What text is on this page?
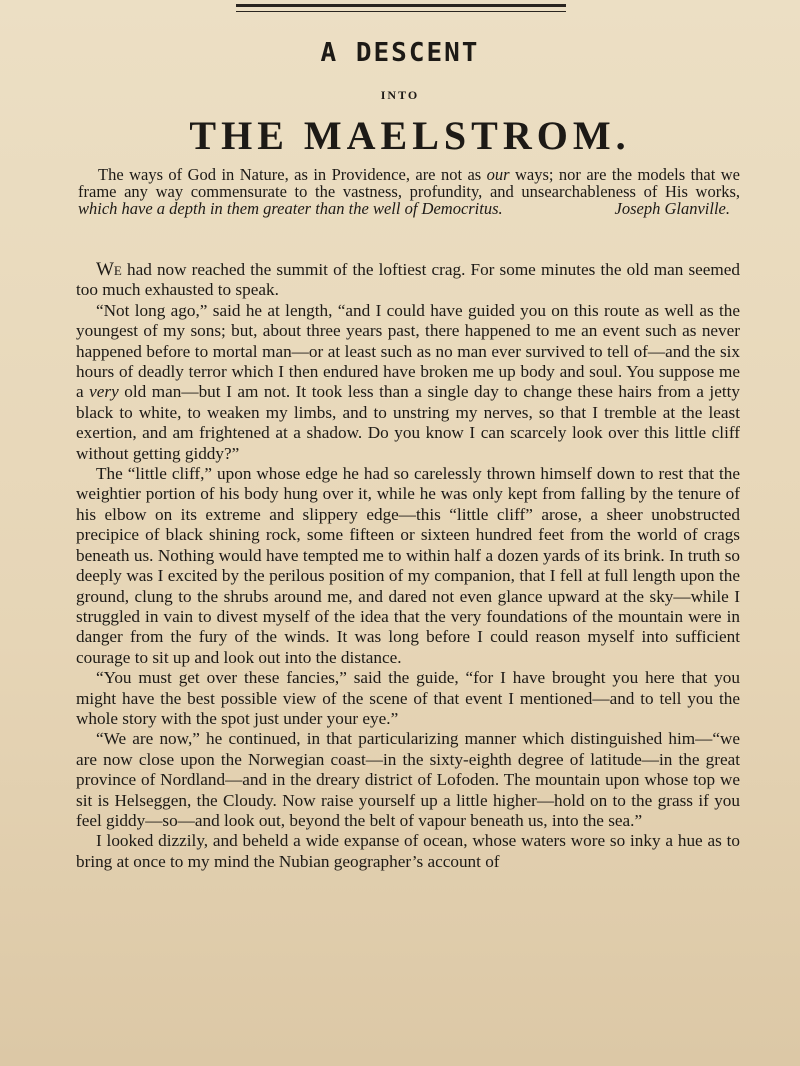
A DESCENT
INTO
THE MAELSTROM.
The ways of God in Nature, as in Providence, are not as our ways; nor are the models that we frame any way commensurate to the vastness, profundity, and unsearchableness of His works, which have a depth in them greater than the well of Democritus.	Joseph Glanville.

We had now reached the summit of the loftiest crag. For some minutes the old man seemed too much exhausted to speak.

“Not long ago,” said he at length, “and I could have guided you on this route as well as the youngest of my sons; but, about three years past, there happened to me an event such as never happened before to mortal man—or at least such as no man ever survived to tell of—and the six hours of deadly terror which I then endured have broken me up body and soul. You suppose me a very old man—but I am not. It took less than a single day to change these hairs from a jetty black to white, to weaken my limbs, and to unstring my nerves, so that I tremble at the least exertion, and am frightened at a shadow. Do you know I can scarcely look over this little cliff without getting giddy?”

The “little cliff,” upon whose edge he had so carelessly thrown himself down to rest that the weightier portion of his body hung over it, while he was only kept from falling by the tenure of his elbow on its extreme and slippery edge—this “little cliff” arose, a sheer unobstructed precipice of black shining rock, some fifteen or sixteen hundred feet from the world of crags beneath us. Nothing would have tempted me to within half a dozen yards of its brink. In truth so deeply was I excited by the perilous position of my companion, that I fell at full length upon the ground, clung to the shrubs around me, and dared not even glance upward at the sky—while I struggled in vain to divest myself of the idea that the very foundations of the mountain were in danger from the fury of the winds. It was long before I could reason myself into sufficient courage to sit up and look out into the distance.

“You must get over these fancies,” said the guide, “for I have brought you here that you might have the best possible view of the scene of that event I mentioned—and to tell you the whole story with the spot just under your eye.”

“We are now,” he continued, in that particularizing manner which distinguished him—“we are now close upon the Norwegian coast—in the sixty-eighth degree of latitude—in the great province of Nordland—and in the dreary district of Lofoden. The mountain upon whose top we sit is Helseggen, the Cloudy. Now raise yourself up a little higher—hold on to the grass if you feel giddy—so—and look out, beyond the belt of vapour beneath us, into the sea.”

I looked dizzily, and beheld a wide expanse of ocean, whose waters wore so inky a hue as to bring at once to my mind the Nubian geographer’s account of
